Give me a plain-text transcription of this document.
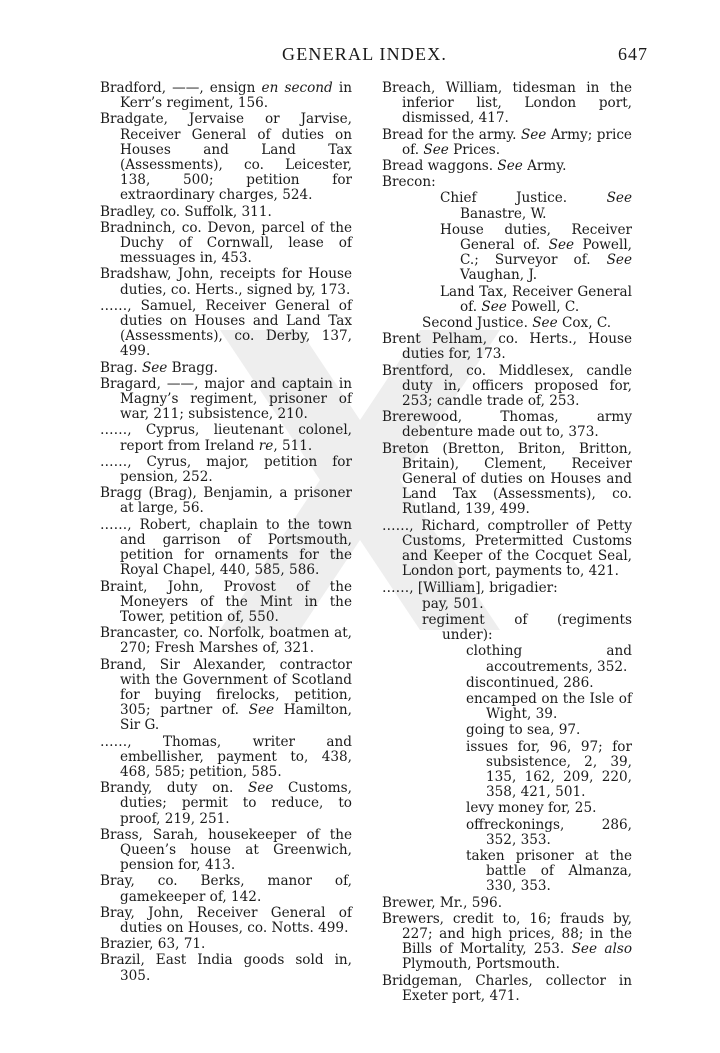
GENERAL INDEX.	647

Bradford, ——, ensign en second in Kerr’s regiment, 156.

Bradgate, Jervaise or Jarvise, Receiver General of duties on Houses and Land Tax (Assessments), co. Leicester, 138, 500; petition for extraordinary charges, 524.

Bradley, co. Suffolk, 311.

Bradninch, co. Devon, parcel of the Duchy of Cornwall, lease of messuages in, 453.

Bradshaw, John, receipts for House duties, co. Herts., signed by, 173.

……, Samuel, Receiver General of duties on Houses and Land Tax (Assessments), co. Derby, 137, 499.

Brag. See Bragg.

Bragard, ——, major and captain in Magny’s regiment, prisoner of war, 211; subsistence, 210.

……, Cyprus, lieutenant colonel, report from Ireland re, 511.

……, Cyrus, major, petition for pension, 252.

Bragg (Brag), Benjamin, a prisoner at large, 56.

……, Robert, chaplain to the town and garrison of Portsmouth, petition for ornaments for the Royal Chapel, 440, 585, 586.

Braint, John, Provost of the Moneyers of the Mint in the Tower, petition of, 550.

Brancaster, co. Norfolk, boatmen at, 270; Fresh Marshes of, 321.

Brand, Sir Alexander, contractor with the Government of Scotland for buying firelocks, petition, 305; partner of. See Hamilton, Sir G.

……, Thomas, writer and embellisher, payment to, 438, 468, 585; petition, 585.

Brandy, duty on. See Customs, duties; permit to reduce, to proof, 219, 251.

Brass, Sarah, housekeeper of the Queen’s house at Greenwich, pension for, 413.

Bray, co. Berks, manor of, gamekeeper of, 142.

Bray, John, Receiver General of duties on Houses, co. Notts. 499.

Brazier, 63, 71.

Brazil, East India goods sold in, 305.

Breach, William, tidesman in the inferior list, London port, dismissed, 417.

Bread for the army. See Army; price of. See Prices.

Bread waggons. See Army.

Brecon:

Chief Justice. See Banastre, W.

House duties, Receiver General of. See Powell, C.; Surveyor of. See Vaughan, J.

Land Tax, Receiver General of. See Powell, C.

Second Justice. See Cox, C.

Brent Pelham, co. Herts., House duties for, 173.

Brentford, co. Middlesex, candle duty in, officers proposed for, 253; candle trade of, 253.

Brerewood, Thomas, army debenture made out to, 373.

Breton (Bretton, Briton, Britton, Britain), Clement, Receiver General of duties on Houses and Land Tax (Assessments), co. Rutland, 139, 499.

……, Richard, comptroller of Petty Customs, Pretermitted Customs and Keeper of the Cocquet Seal, London port, payments to, 421.

……, [William], brigadier:

pay, 501.

regiment of (regiments under):

clothing and accoutrements, 352.

discontinued, 286.

encamped on the Isle of Wight, 39.

going to sea, 97.

issues for, 96, 97; for subsistence, 2, 39, 135, 162, 209, 220, 358, 421, 501.

levy money for, 25.

offreckonings, 286, 352, 353.

taken prisoner at the battle of Almanza, 330, 353.

Brewer, Mr., 596.

Brewers, credit to, 16; frauds by, 227; and high prices, 88; in the Bills of Mortality, 253. See also Plymouth, Portsmouth.

Bridgeman, Charles, collector in Exeter port, 471.
